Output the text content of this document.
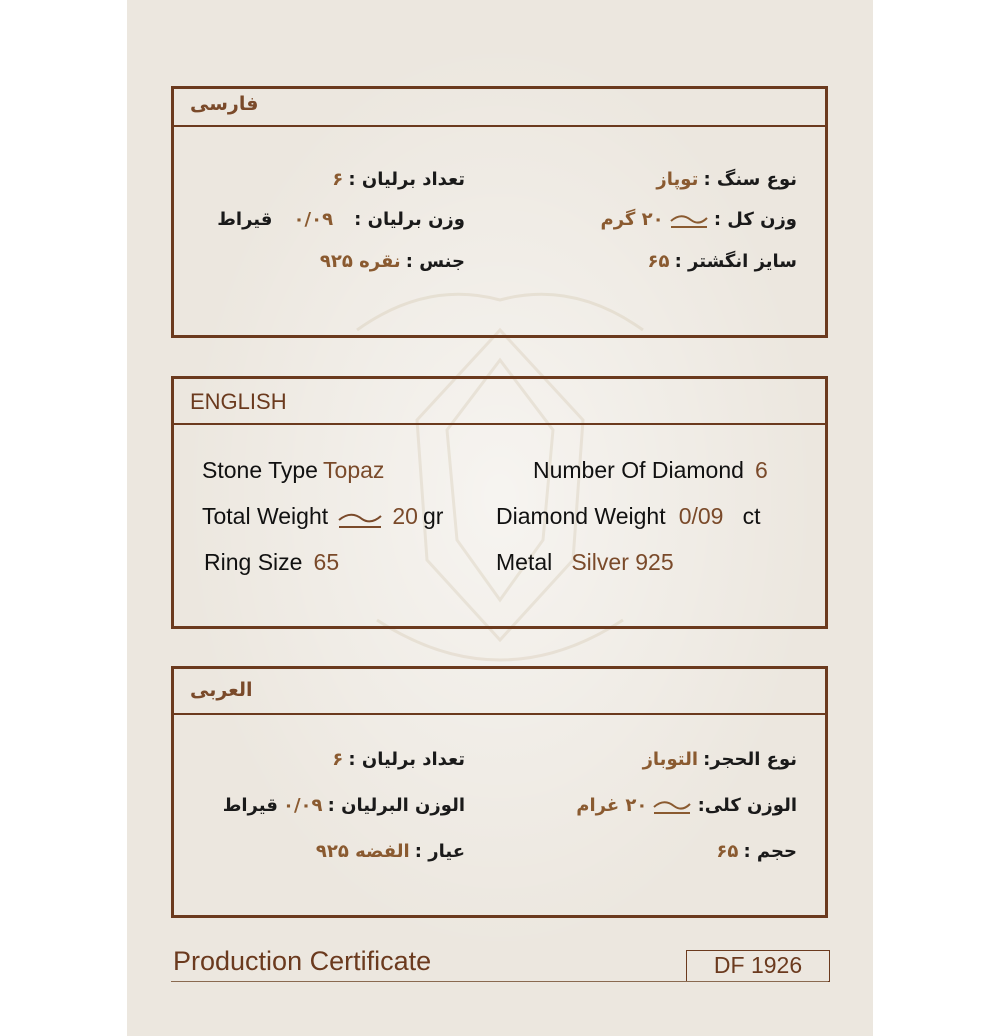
فارسی
نوع سنگ : توپاز
وزن کل :  ۲۰ گرم
سایز انگشتر : ۶۵
تعداد برلیان : ۶
وزن برلیان : ۰/۰۹ قیراط
جنس : نقره ۹۲۵
ENGLISH
Stone Type Topaz
Total Weight	20 gr
Ring Size 65
Number Of Diamond 6
Diamond Weight 0/09 ct
Metal Silver 925
العربی
نوع الحجر: التوباز
الوزن کلی:  ۲۰ غرام
حجم : ۶۵
تعداد برلیان : ۶
الوزن البرلیان : ۰/۰۹ قیراط
عیار : الفضه ۹۲۵
Production Certificate	DF 1926
